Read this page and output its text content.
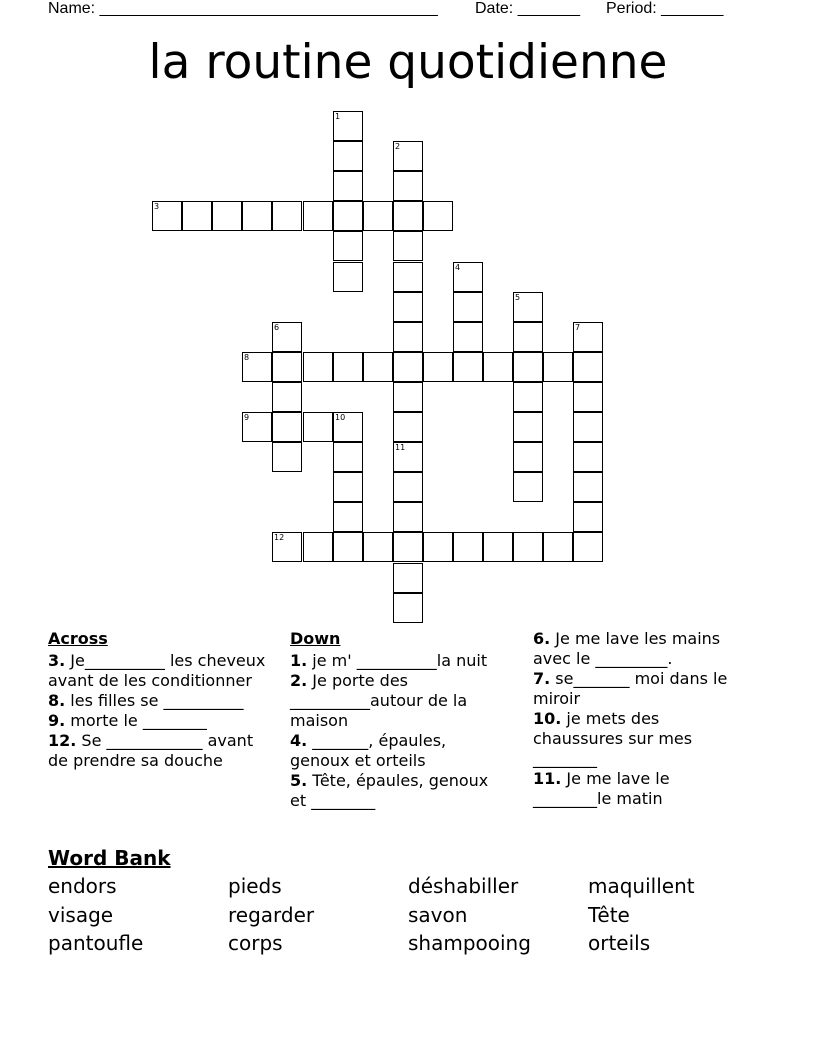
Name: ______________________________________ Date: _______ Period: _______
la routine quotidienne
3
8
9
12
1
2
11
4
5
6	7
10
Across
3. Je__________ les cheveux avant de les conditionner
8. les filles se __________
9. morte le ________
12. Se ____________ avant de prendre sa douche
Down
1. je m' __________la nuit
2. Je porte des __________autour de la maison
4. _______, épaules, genoux et orteils
5. Tête, épaules, genoux et ________
6. Je me lave les mains avec le _________.
7. se_______ moi dans le miroir
10. je mets des chaussures sur mes ________
11. Je me lave le ________le matin
Word Bank
endors	pieds	déshabiller	maquillent
visage	regarder	savon	Tête
pantoufle	corps	shampooing	orteils
